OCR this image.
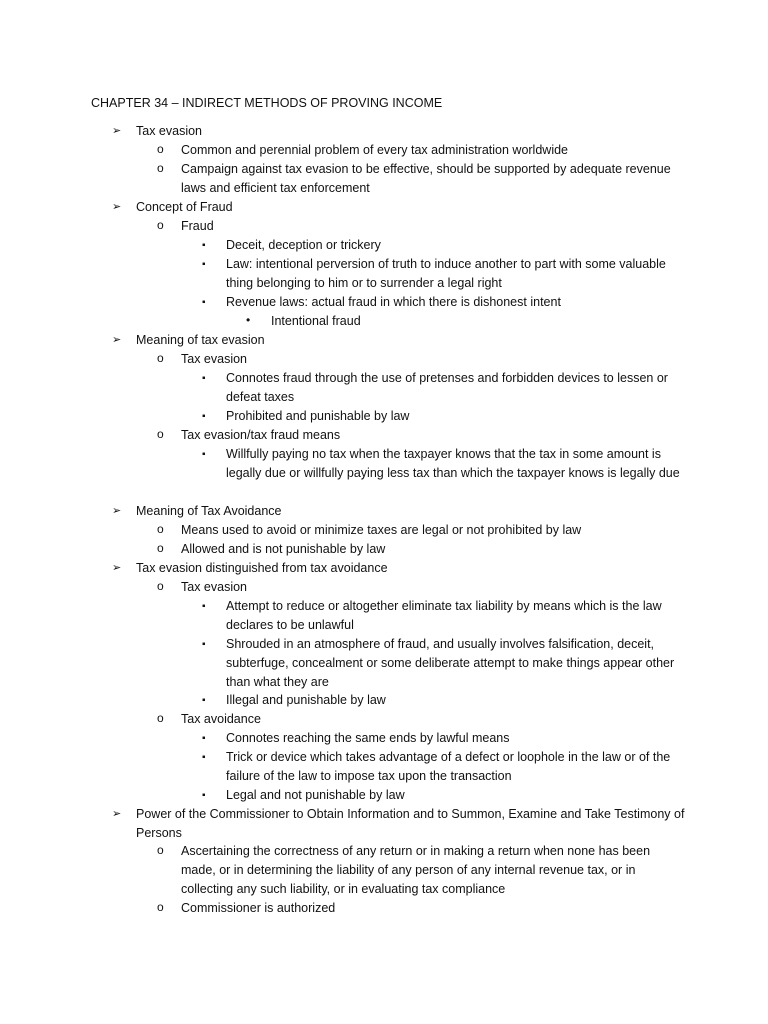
CHAPTER 34 – INDIRECT METHODS OF PROVING INCOME
➢	Tax evasion
o	Common and perennial problem of every tax administration worldwide
o	Campaign against tax evasion to be effective, should be supported by adequate revenue laws and efficient tax enforcement
➢	Concept of Fraud
o	Fraud
▪	Deceit, deception or trickery
▪	Law: intentional perversion of truth to induce another to part with some valuable thing belonging to him or to surrender a legal right
▪	Revenue laws: actual fraud in which there is dishonest intent
•	Intentional fraud
➢	Meaning of tax evasion
o	Tax evasion
▪	Connotes fraud through the use of pretenses and forbidden devices to lessen or defeat taxes
▪	Prohibited and punishable by law
o	Tax evasion/tax fraud means
▪	Willfully paying no tax when the taxpayer knows that the tax in some amount is legally due or willfully paying less tax than which the taxpayer knows is legally due
➢	Meaning of Tax Avoidance
o	Means used to avoid or minimize taxes are legal or not prohibited by law
o	Allowed and is not punishable by law
➢	Tax evasion distinguished from tax avoidance
o	Tax evasion
▪	Attempt to reduce or altogether eliminate tax liability by means which is the law declares to be unlawful
▪	Shrouded in an atmosphere of fraud, and usually involves falsification, deceit, subterfuge, concealment or some deliberate attempt to make things appear other than what they are
▪	Illegal and punishable by law
o	Tax avoidance
▪	Connotes reaching the same ends by lawful means
▪	Trick or device which takes advantage of a defect or loophole in the law or of the failure of the law to impose tax upon the transaction
▪	Legal and not punishable by law
➢	Power of the Commissioner to Obtain Information and to Summon, Examine and Take Testimony of Persons
o	Ascertaining the correctness of any return or in making a return when none has been made, or in determining the liability of any person of any internal revenue tax, or in collecting any such liability, or in evaluating tax compliance
o	Commissioner is authorized
